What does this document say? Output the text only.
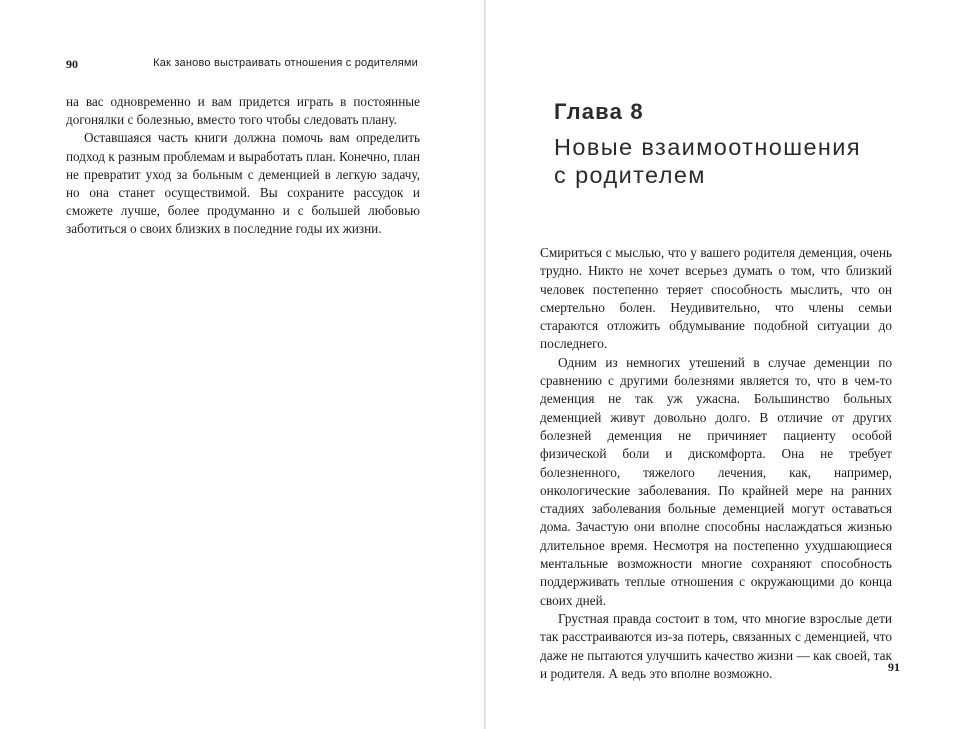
90	Как заново выстраивать отношения с родителями

на вас одновременно и вам придется играть в постоянные догонялки с болезнью, вместо того чтобы следовать плану.

Оставшаяся часть книги должна помочь вам определить подход к разным проблемам и выработать план. Конечно, план не превратит уход за больным с деменцией в легкую задачу, но она станет осуществимой. Вы сохраните рассудок и сможете лучше, более продуманно и с большей любовью заботиться о своих близких в последние годы их жизни.

Глава 8
Новые взаимоотношения
с родителем

Смириться с мыслью, что у вашего родителя деменция, очень трудно. Никто не хочет всерьез думать о том, что близкий человек постепенно теряет способность мыслить, что он смертельно болен. Неудивительно, что члены семьи стараются отложить обдумывание подобной ситуации до последнего.

Одним из немногих утешений в случае деменции по сравнению с другими болезнями является то, что в чем-то деменция не так уж ужасна. Большинство больных деменцией живут довольно долго. В отличие от других болезней деменция не причиняет пациенту особой физической боли и дискомфорта. Она не требует болезненного, тяжелого лечения, как, например, онкологические заболевания. По крайней мере на ранних стадиях заболевания больные деменцией могут оставаться дома. Зачастую они вполне способны наслаждаться жизнью длительное время. Несмотря на постепенно ухудшающиеся ментальные возможности многие сохраняют способность поддерживать теплые отношения с окружающими до конца своих дней.

Грустная правда состоит в том, что многие взрослые дети так расстраиваются из-за потерь, связанных с деменцией, что даже не пытаются улучшить качество жизни — как своей, так и родителя. А ведь это вполне возможно.	91
